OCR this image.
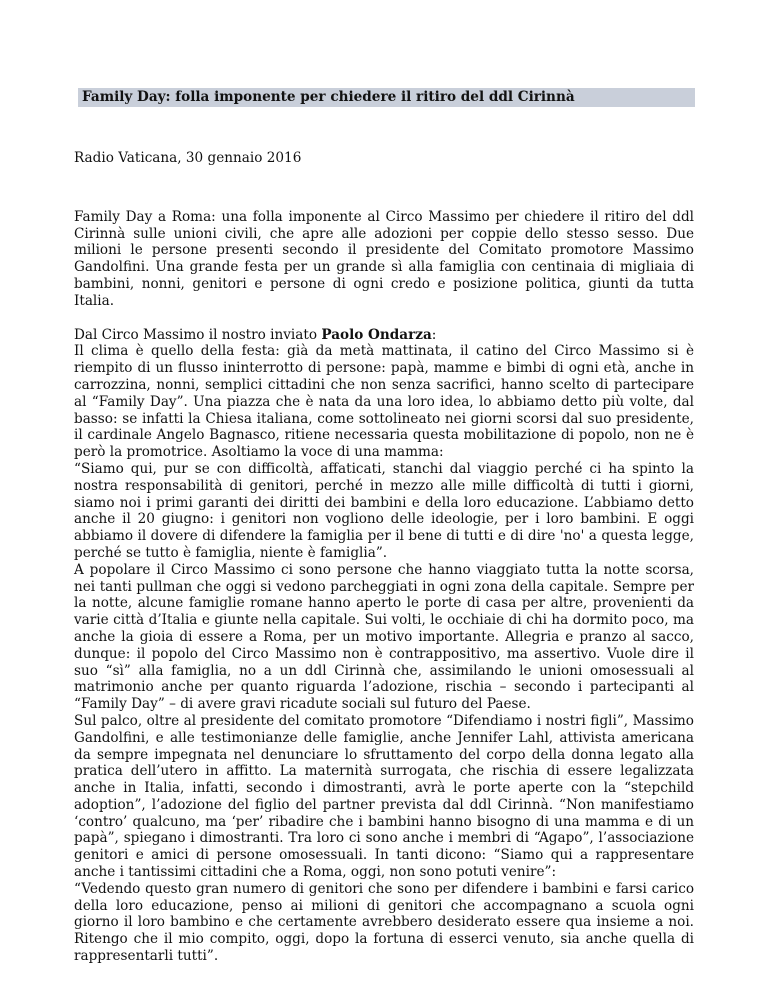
Family Day: folla imponente per chiedere il ritiro del ddl Cirinnà
Radio Vaticana, 30 gennaio 2016
Family Day a Roma: una folla imponente al Circo Massimo per chiedere il ritiro del ddl Cirinnà sulle unioni civili, che apre alle adozioni per coppie dello stesso sesso. Due milioni le persone presenti secondo il presidente del Comitato promotore Massimo Gandolfini. Una grande festa per un grande sì alla famiglia con centinaia di migliaia di bambini, nonni, genitori e persone di ogni credo e posizione politica, giunti da tutta Italia.

Dal Circo Massimo il nostro inviato Paolo Ondarza:

Il clima è quello della festa: già da metà mattinata, il catino del Circo Massimo si è riempito di un flusso ininterrotto di persone: papà, mamme e bimbi di ogni età, anche in carrozzina, nonni, semplici cittadini che non senza sacrifici, hanno scelto di partecipare al “Family Day”. Una piazza che è nata da una loro idea, lo abbiamo detto più volte, dal basso: se infatti la Chiesa italiana, come sottolineato nei giorni scorsi dal suo presidente, il cardinale Angelo Bagnasco, ritiene necessaria questa mobilitazione di popolo, non ne è però la promotrice. Asoltiamo la voce di una mamma:

“Siamo qui, pur se con difficoltà, affaticati, stanchi dal viaggio perché ci ha spinto la nostra responsabilità di genitori, perché in mezzo alle mille difficoltà di tutti i giorni, siamo noi i primi garanti dei diritti dei bambini e della loro educazione. L’abbiamo detto anche il 20 giugno: i genitori non vogliono delle ideologie, per i loro bambini. E oggi abbiamo il dovere di difendere la famiglia per il bene di tutti e di dire 'no' a questa legge, perché se tutto è famiglia, niente è famiglia”.

A popolare il Circo Massimo ci sono persone che hanno viaggiato tutta la notte scorsa, nei tanti pullman che oggi si vedono parcheggiati in ogni zona della capitale. Sempre per la notte, alcune famiglie romane hanno aperto le porte di casa per altre, provenienti da varie città d’Italia e giunte nella capitale. Sui volti, le occhiaie di chi ha dormito poco, ma anche la gioia di essere a Roma, per un motivo importante. Allegria e pranzo al sacco, dunque: il popolo del Circo Massimo non è contrappositivo, ma assertivo. Vuole dire il suo “sì” alla famiglia, no a un ddl Cirinnà che, assimilando le unioni omosessuali al matrimonio anche per quanto riguarda l’adozione, rischia – secondo i partecipanti al “Family Day” – di avere gravi ricadute sociali sul futuro del Paese.

Sul palco, oltre al presidente del comitato promotore “Difendiamo i nostri figli”, Massimo Gandolfini, e alle testimonianze delle famiglie, anche Jennifer Lahl, attivista americana da sempre impegnata nel denunciare lo sfruttamento del corpo della donna legato alla pratica dell’utero in affitto. La maternità surrogata, che rischia di essere legalizzata anche in Italia, infatti, secondo i dimostranti, avrà le porte aperte con la “stepchild adoption”, l’adozione del figlio del partner prevista dal ddl Cirinnà. “Non manifestiamo ‘contro’ qualcuno, ma ‘per’ ribadire che i bambini hanno bisogno di una mamma e di un papà”, spiegano i dimostranti. Tra loro ci sono anche i membri di “Agapo”, l’associazione genitori e amici di persone omosessuali. In tanti dicono: “Siamo qui a rappresentare anche i tantissimi cittadini che a Roma, oggi, non sono potuti venire”:

“Vedendo questo gran numero di genitori che sono per difendere i bambini e farsi carico della loro educazione, penso ai milioni di genitori che accompagnano a scuola ogni giorno il loro bambino e che certamente avrebbero desiderato essere qua insieme a noi. Ritengo che il mio compito, oggi, dopo la fortuna di esserci venuto, sia anche quella di rappresentarli tutti”.
